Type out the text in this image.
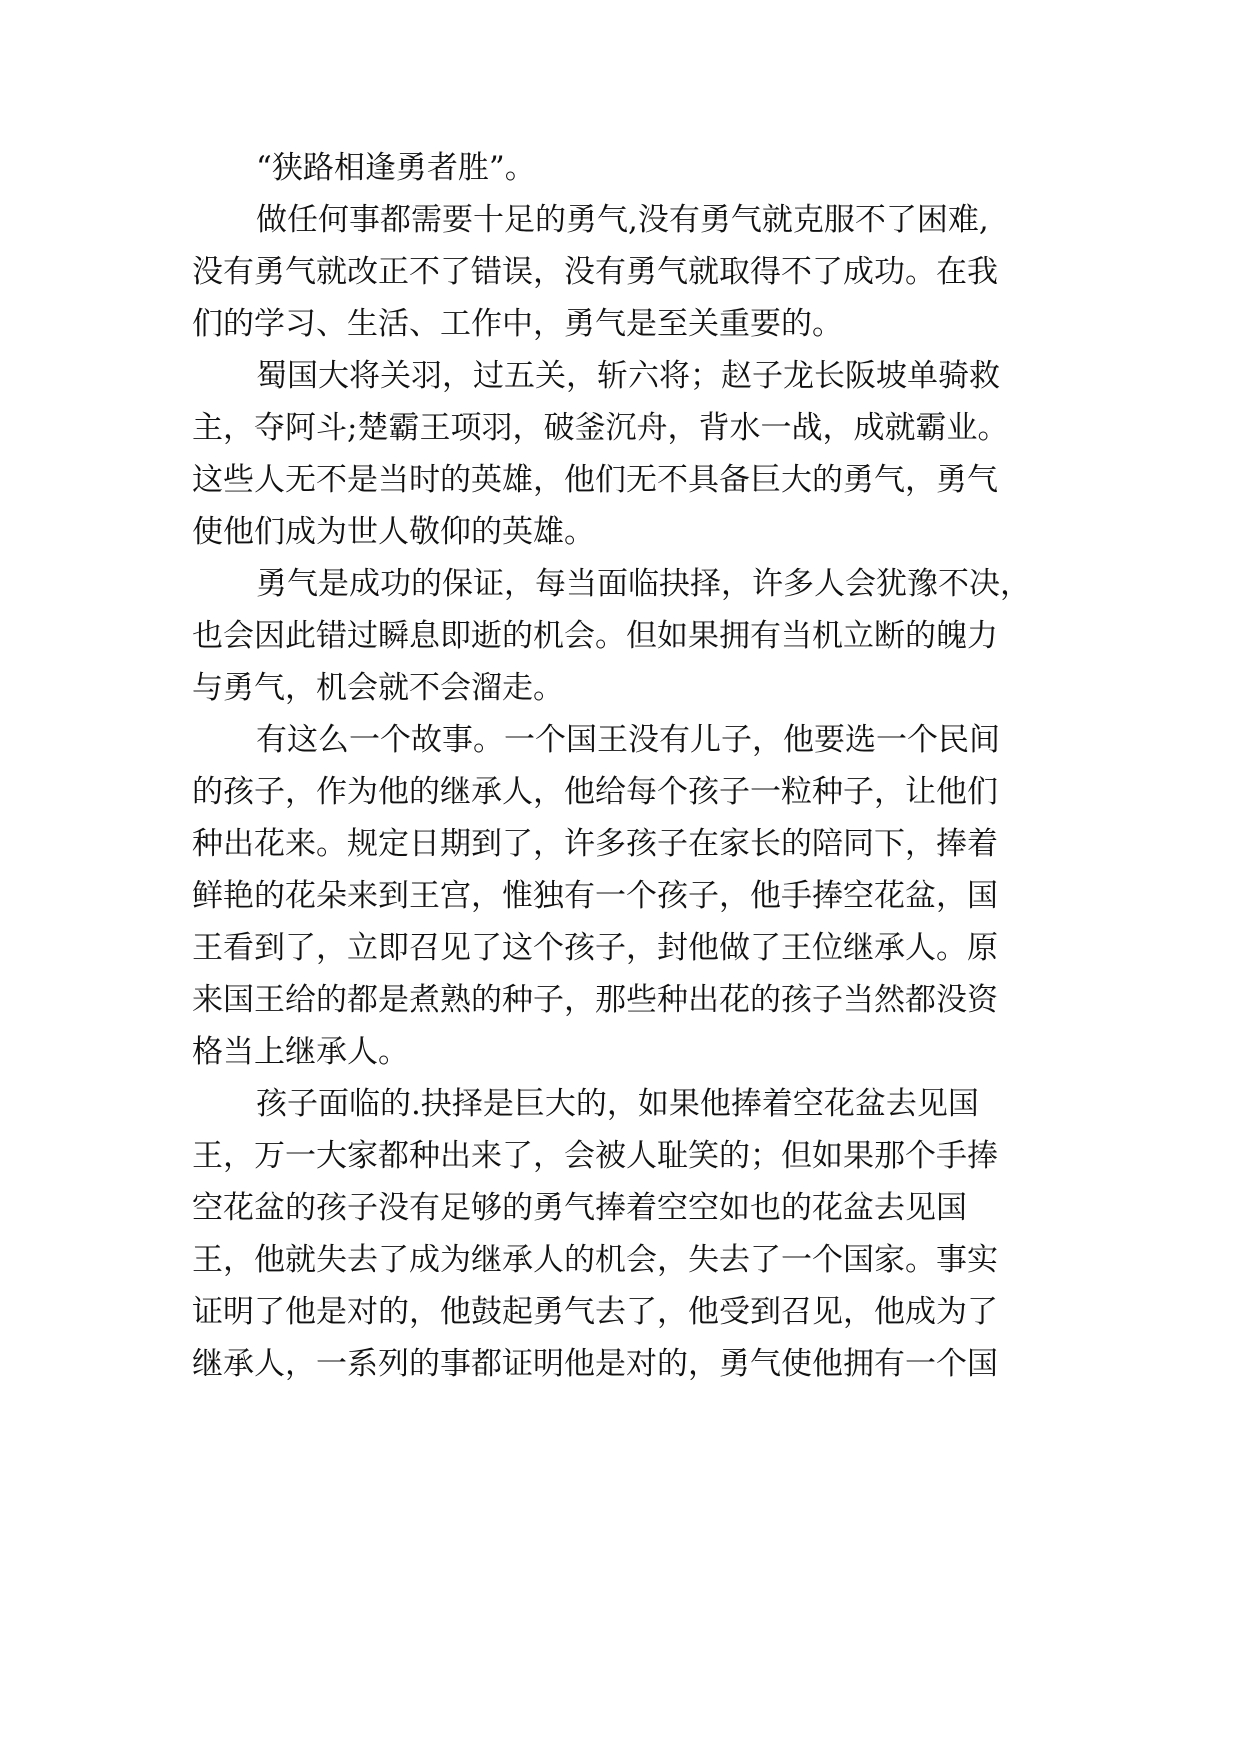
“狭路相逢勇者胜”。
做任何事都需要十足的勇气,没有勇气就克服不了困难,
没有勇气就改正不了错误，没有勇气就取得不了成功。在我
们的学习、生活、工作中，勇气是至关重要的。
蜀国大将关羽，过五关，斩六将；赵子龙长阪坡单骑救
主，夺阿斗;楚霸王项羽，破釜沉舟，背水一战，成就霸业。
这些人无不是当时的英雄，他们无不具备巨大的勇气，勇气
使他们成为世人敬仰的英雄。
勇气是成功的保证，每当面临抉择，许多人会犹豫不决，
也会因此错过瞬息即逝的机会。但如果拥有当机立断的魄力
与勇气，机会就不会溜走。
有这么一个故事。一个国王没有儿子，他要选一个民间
的孩子，作为他的继承人，他给每个孩子一粒种子，让他们
种出花来。规定日期到了，许多孩子在家长的陪同下，捧着
鲜艳的花朵来到王宫，惟独有一个孩子，他手捧空花盆，国
王看到了，立即召见了这个孩子，封他做了王位继承人。原
来国王给的都是煮熟的种子，那些种出花的孩子当然都没资
格当上继承人。
孩子面临的.抉择是巨大的，如果他捧着空花盆去见国
王，万一大家都种出来了，会被人耻笑的；但如果那个手捧
空花盆的孩子没有足够的勇气捧着空空如也的花盆去见国
王，他就失去了成为继承人的机会，失去了一个国家。事实
证明了他是对的，他鼓起勇气去了，他受到召见，他成为了
继承人，一系列的事都证明他是对的，勇气使他拥有一个国
